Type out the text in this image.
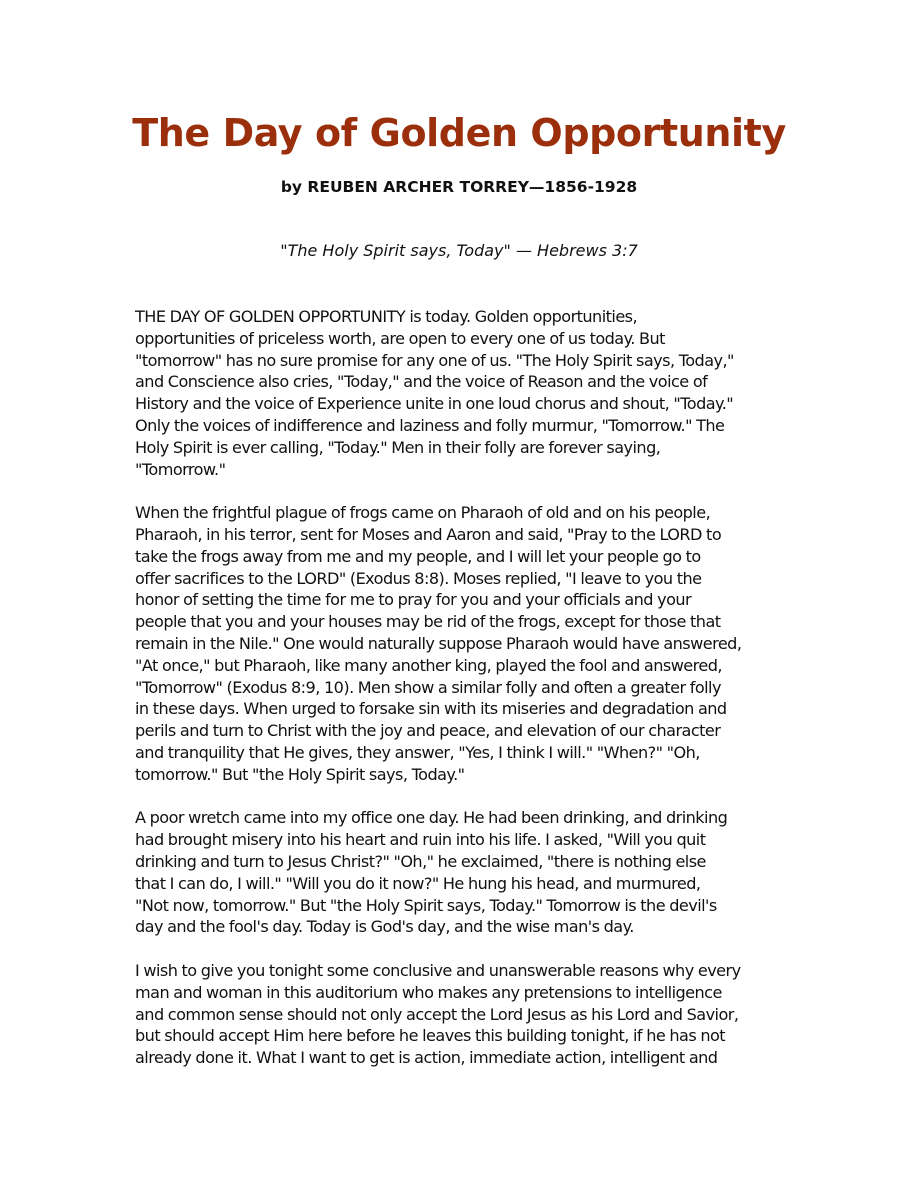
The Day of Golden Opportunity
by REUBEN ARCHER TORREY—1856-1928
"The Holy Spirit says, Today" — Hebrews 3:7

THE DAY OF GOLDEN OPPORTUNITY is today. Golden opportunities,
opportunities of priceless worth, are open to every one of us today. But
"tomorrow" has no sure promise for any one of us. "The Holy Spirit says, Today,"
and Conscience also cries, "Today," and the voice of Reason and the voice of
History and the voice of Experience unite in one loud chorus and shout, "Today."
Only the voices of indifference and laziness and folly murmur, "Tomorrow." The
Holy Spirit is ever calling, "Today." Men in their folly are forever saying,
"Tomorrow."

When the frightful plague of frogs came on Pharaoh of old and on his people,
Pharaoh, in his terror, sent for Moses and Aaron and said, "Pray to the LORD to
take the frogs away from me and my people, and I will let your people go to
offer sacrifices to the LORD" (Exodus 8:8). Moses replied, "I leave to you the
honor of setting the time for me to pray for you and your officials and your
people that you and your houses may be rid of the frogs, except for those that
remain in the Nile." One would naturally suppose Pharaoh would have answered,
"At once," but Pharaoh, like many another king, played the fool and answered,
"Tomorrow" (Exodus 8:9, 10). Men show a similar folly and often a greater folly
in these days. When urged to forsake sin with its miseries and degradation and
perils and turn to Christ with the joy and peace, and elevation of our character
and tranquility that He gives, they answer, "Yes, I think I will." "When?" "Oh,
tomorrow." But "the Holy Spirit says, Today."

A poor wretch came into my office one day. He had been drinking, and drinking
had brought misery into his heart and ruin into his life. I asked, "Will you quit
drinking and turn to Jesus Christ?" "Oh," he exclaimed, "there is nothing else
that I can do, I will." "Will you do it now?" He hung his head, and murmured,
"Not now, tomorrow." But "the Holy Spirit says, Today." Tomorrow is the devil's
day and the fool's day. Today is God's day, and the wise man's day.

I wish to give you tonight some conclusive and unanswerable reasons why every
man and woman in this auditorium who makes any pretensions to intelligence
and common sense should not only accept the Lord Jesus as his Lord and Savior,
but should accept Him here before he leaves this building tonight, if he has not
already done it. What I want to get is action, immediate action, intelligent and
